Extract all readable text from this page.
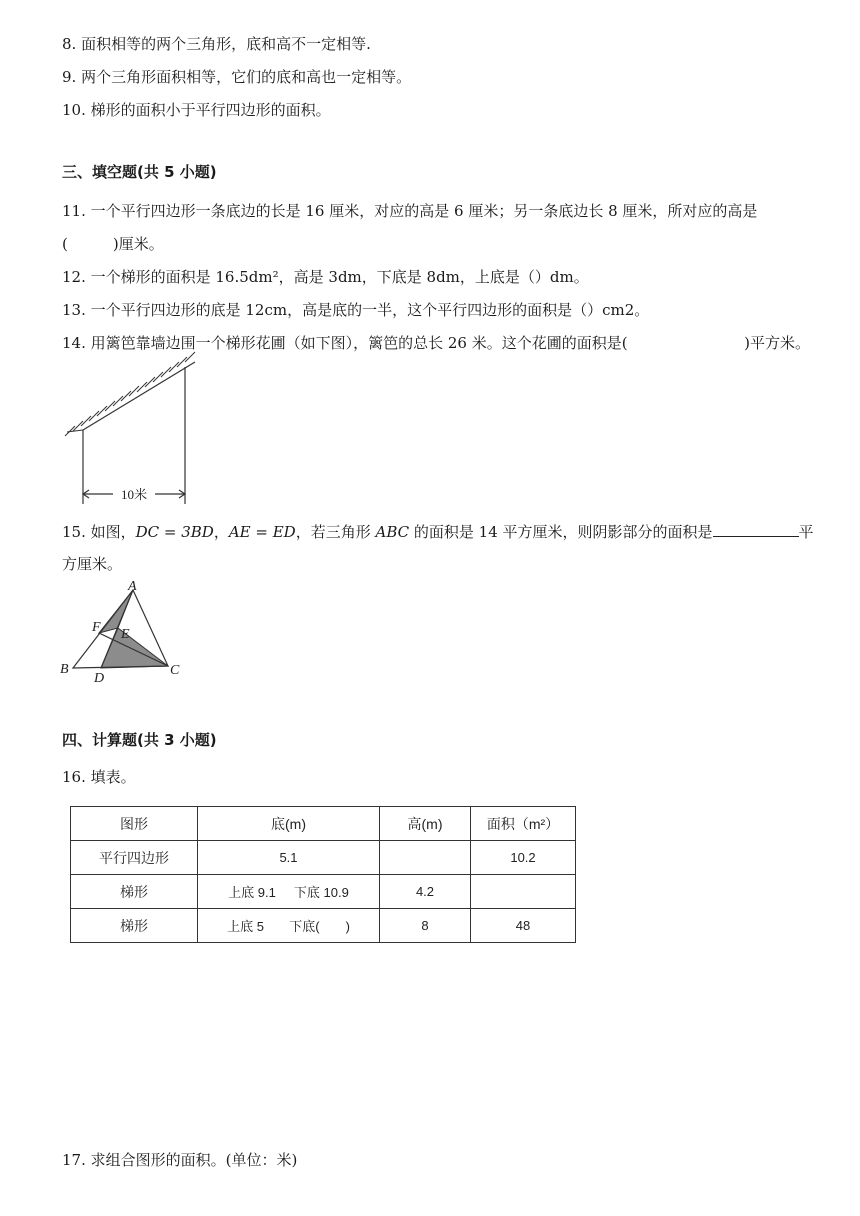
8. 面积相等的两个三角形，底和高不一定相等.
9. 两个三角形面积相等，它们的底和高也一定相等。
10. 梯形的面积小于平行四边形的面积。
三、填空题(共 5 小题)
11. 一个平行四边形一条底边的长是 16 厘米，对应的高是 6 厘米；另一条底边长 8 厘米，所对应的高是
(　　　)厘米。
12. 一个梯形的面积是 16.5dm²，高是 3dm，下底是 8dm，上底是（）dm。
13. 一个平行四边形的底是 12cm，高是底的一半，这个平行四边形的面积是（）cm2。
14. 用篱笆靠墙边围一个梯形花圃（如下图），篱笆的总长 26 米。这个花圃的面积是(	)平方米。
10米
15. 如图，DC = 3BD，AE = ED，若三角形 ABC 的面积是 14 平方厘米，则阴影部分的面积是	平
方厘米。
A
B	C
D
E
F
四、计算题(共 3 小题)
16. 填表。
图形	底(m)	高(m)	面积（m²）
平行四边形	5.1		10.2
梯形	上底 9.1 下底 10.9	4.2	
梯形	上底 5 下底(　　)	8	48
17. 求组合图形的面积。(单位：米)
